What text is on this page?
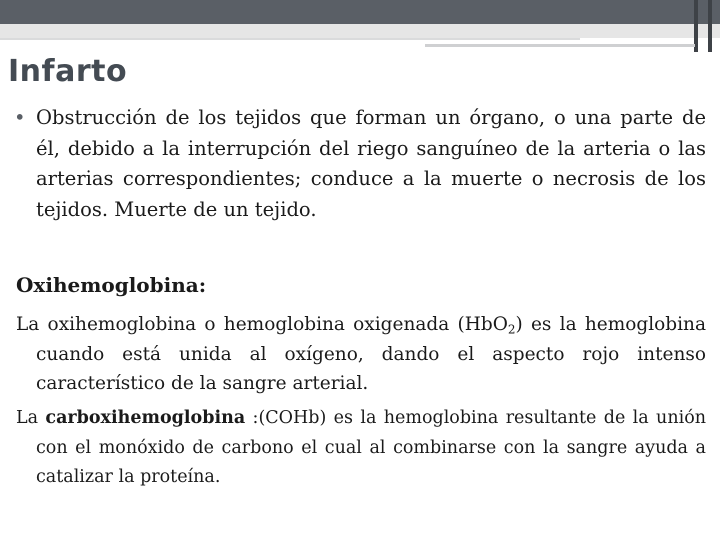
Infarto

• Obstrucción de los tejidos que forman un órgano, o una parte de él, debido a la interrupción del riego sanguíneo de la arteria o las arterias correspondientes; conduce a la muerte o necrosis de los tejidos. Muerte de un tejido.

Oxihemoglobina:

La oxihemoglobina o hemoglobina oxigenada (HbO$_2$) es la hemoglobina cuando está unida al oxígeno, dando el aspecto rojo intenso característico de la sangre arterial.

La carboxihemoglobina :(COHb) es la hemoglobina resultante de la unión con el monóxido de carbono el cual al combinarse con la sangre ayuda a catalizar la proteína.
